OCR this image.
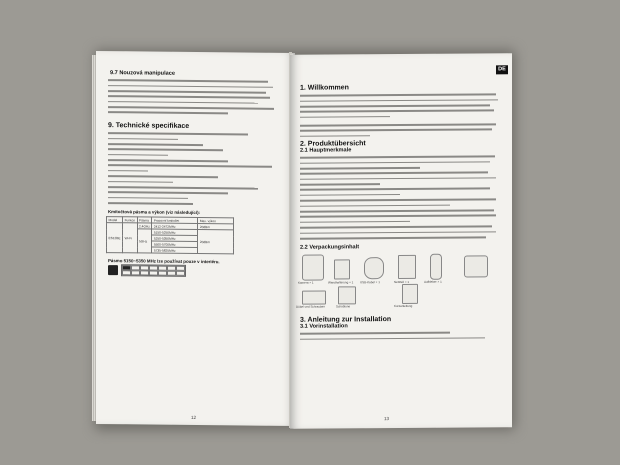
9.7 Nouzová manipulace
9. Technické specifikace
Kmitočtová pásma a výkon (viz následující):
Model	Funkce	Pásma	Pracovní kmitočet	Max. výkon
ES12BE	Wi-Fi	2.4GHz	2412-2472MHz	20dBm
		5GHz	5150-5250MHz	20dBm
			5250-5350MHz	
			5500-5700MHz	
			5735-5825MHz	
Pásmo 5150~5350 MHz lze používat pouze v interiéru.
12
DE
1. Willkommen
2. Produktübersicht
2.1 Hauptmerkmale
2.2 Verpackungsinhalt
Kamera × 1	Wandhalterung × 1 USB-Kabel × 1	Netzteil × 1	Aufkleber × 1
Dübel und Schrauben	Schablone	Kurzanleitung
3. Anleitung zur Installation
3.1 Vorinstallation
13
